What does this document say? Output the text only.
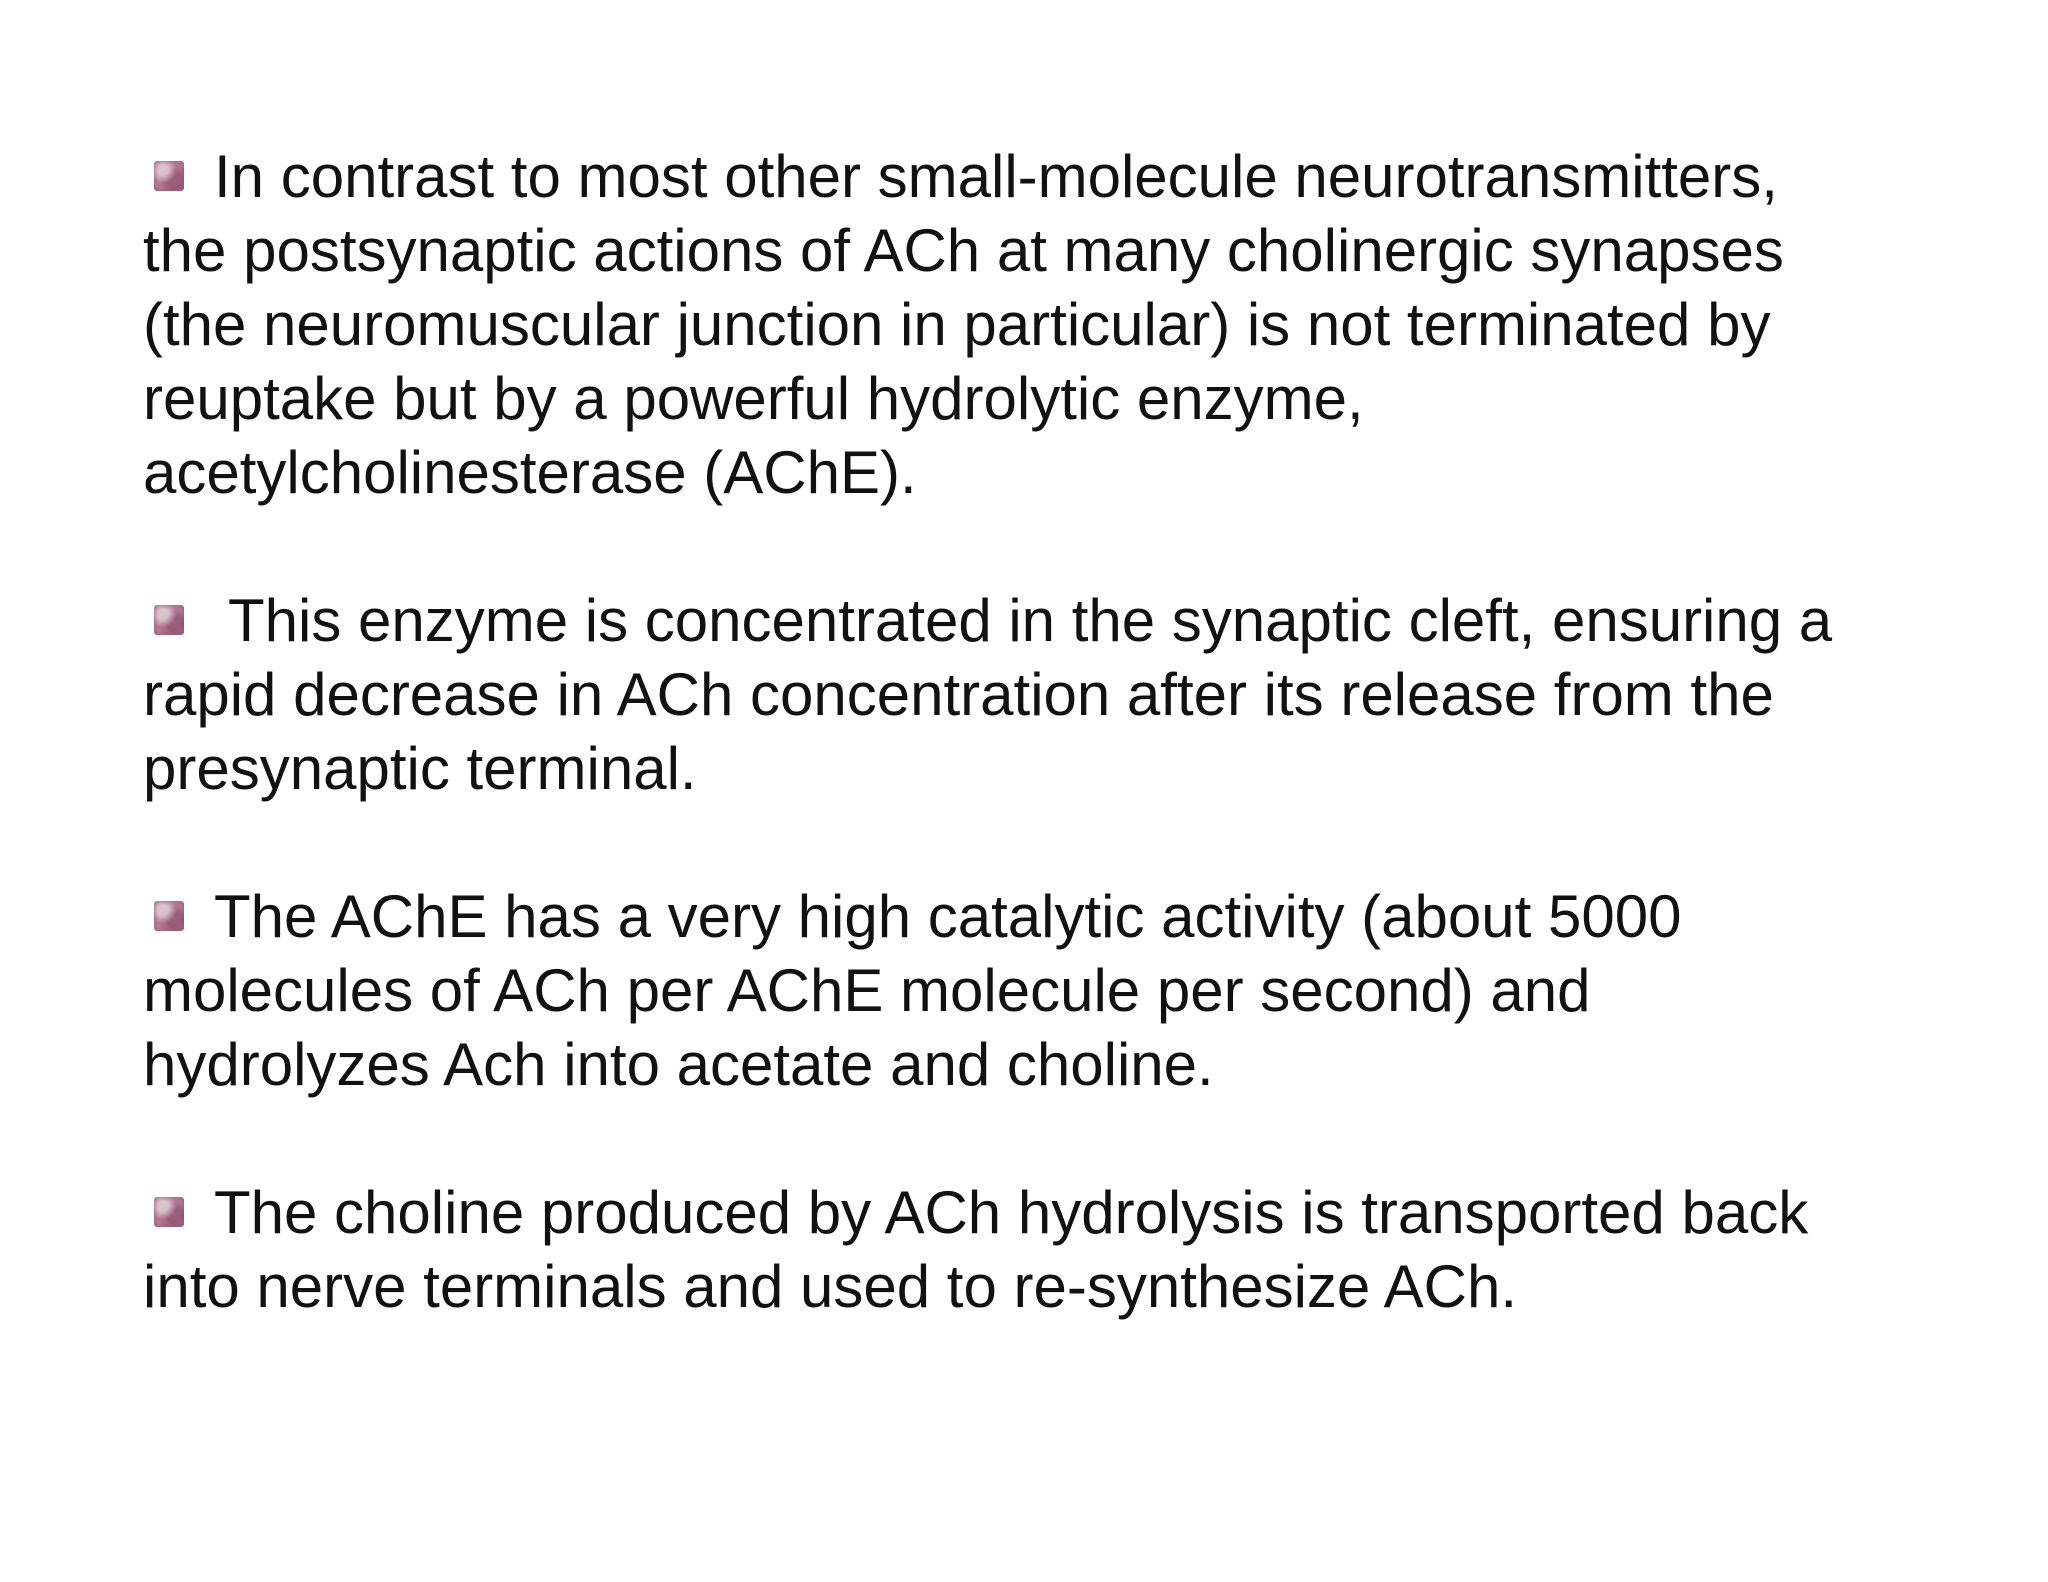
In contrast to most other small-molecule neurotransmitters,
the postsynaptic actions of ACh at many cholinergic synapses
(the neuromuscular junction in particular) is not terminated by
reuptake but by a powerful hydrolytic enzyme,
acetylcholinesterase (AChE).

This enzyme is concentrated in the synaptic cleft, ensuring a
rapid decrease in ACh concentration after its release from the
presynaptic terminal.

The AChE has a very high catalytic activity (about 5000
molecules of ACh per AChE molecule per second) and
hydrolyzes Ach into acetate and choline.

The choline produced by ACh hydrolysis is transported back
into nerve terminals and used to re-synthesize ACh.
